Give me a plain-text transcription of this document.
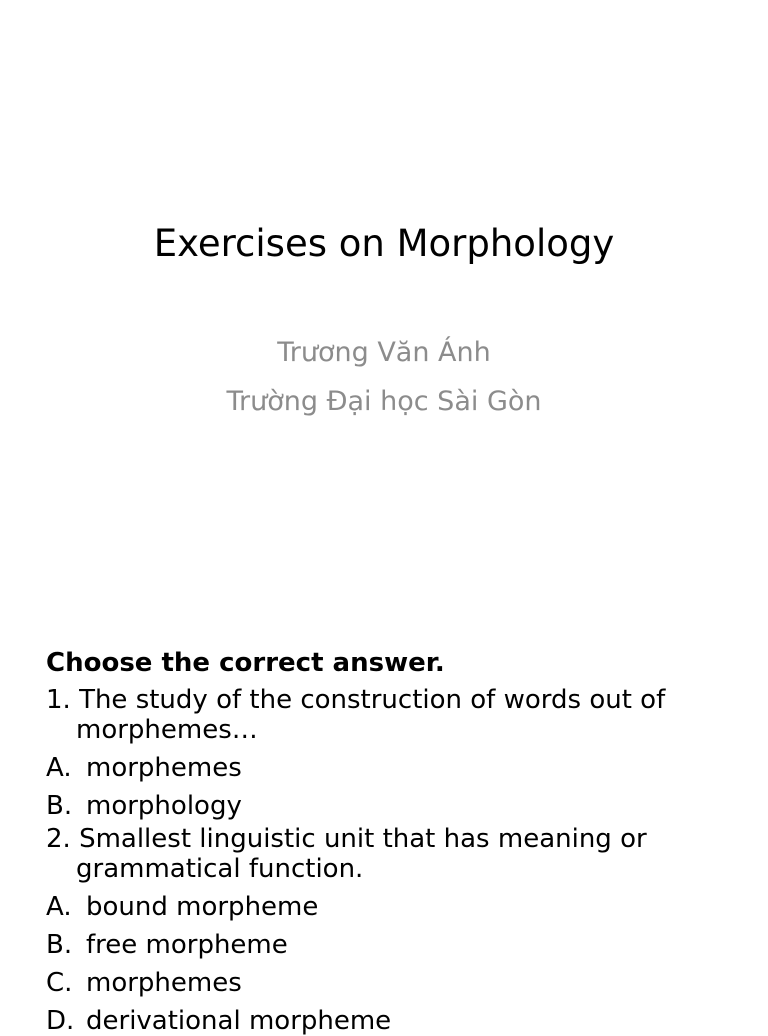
Exercises on Morphology

Trương Văn Ánh

Trường Đại học Sài Gòn

Choose the correct answer.

1. The study of the construction of words out of morphemes…

A. morphemes

B. morphology

2. Smallest linguistic unit that has meaning or grammatical function.

A. bound morpheme

B. free morpheme

C. morphemes

D. derivational morpheme
